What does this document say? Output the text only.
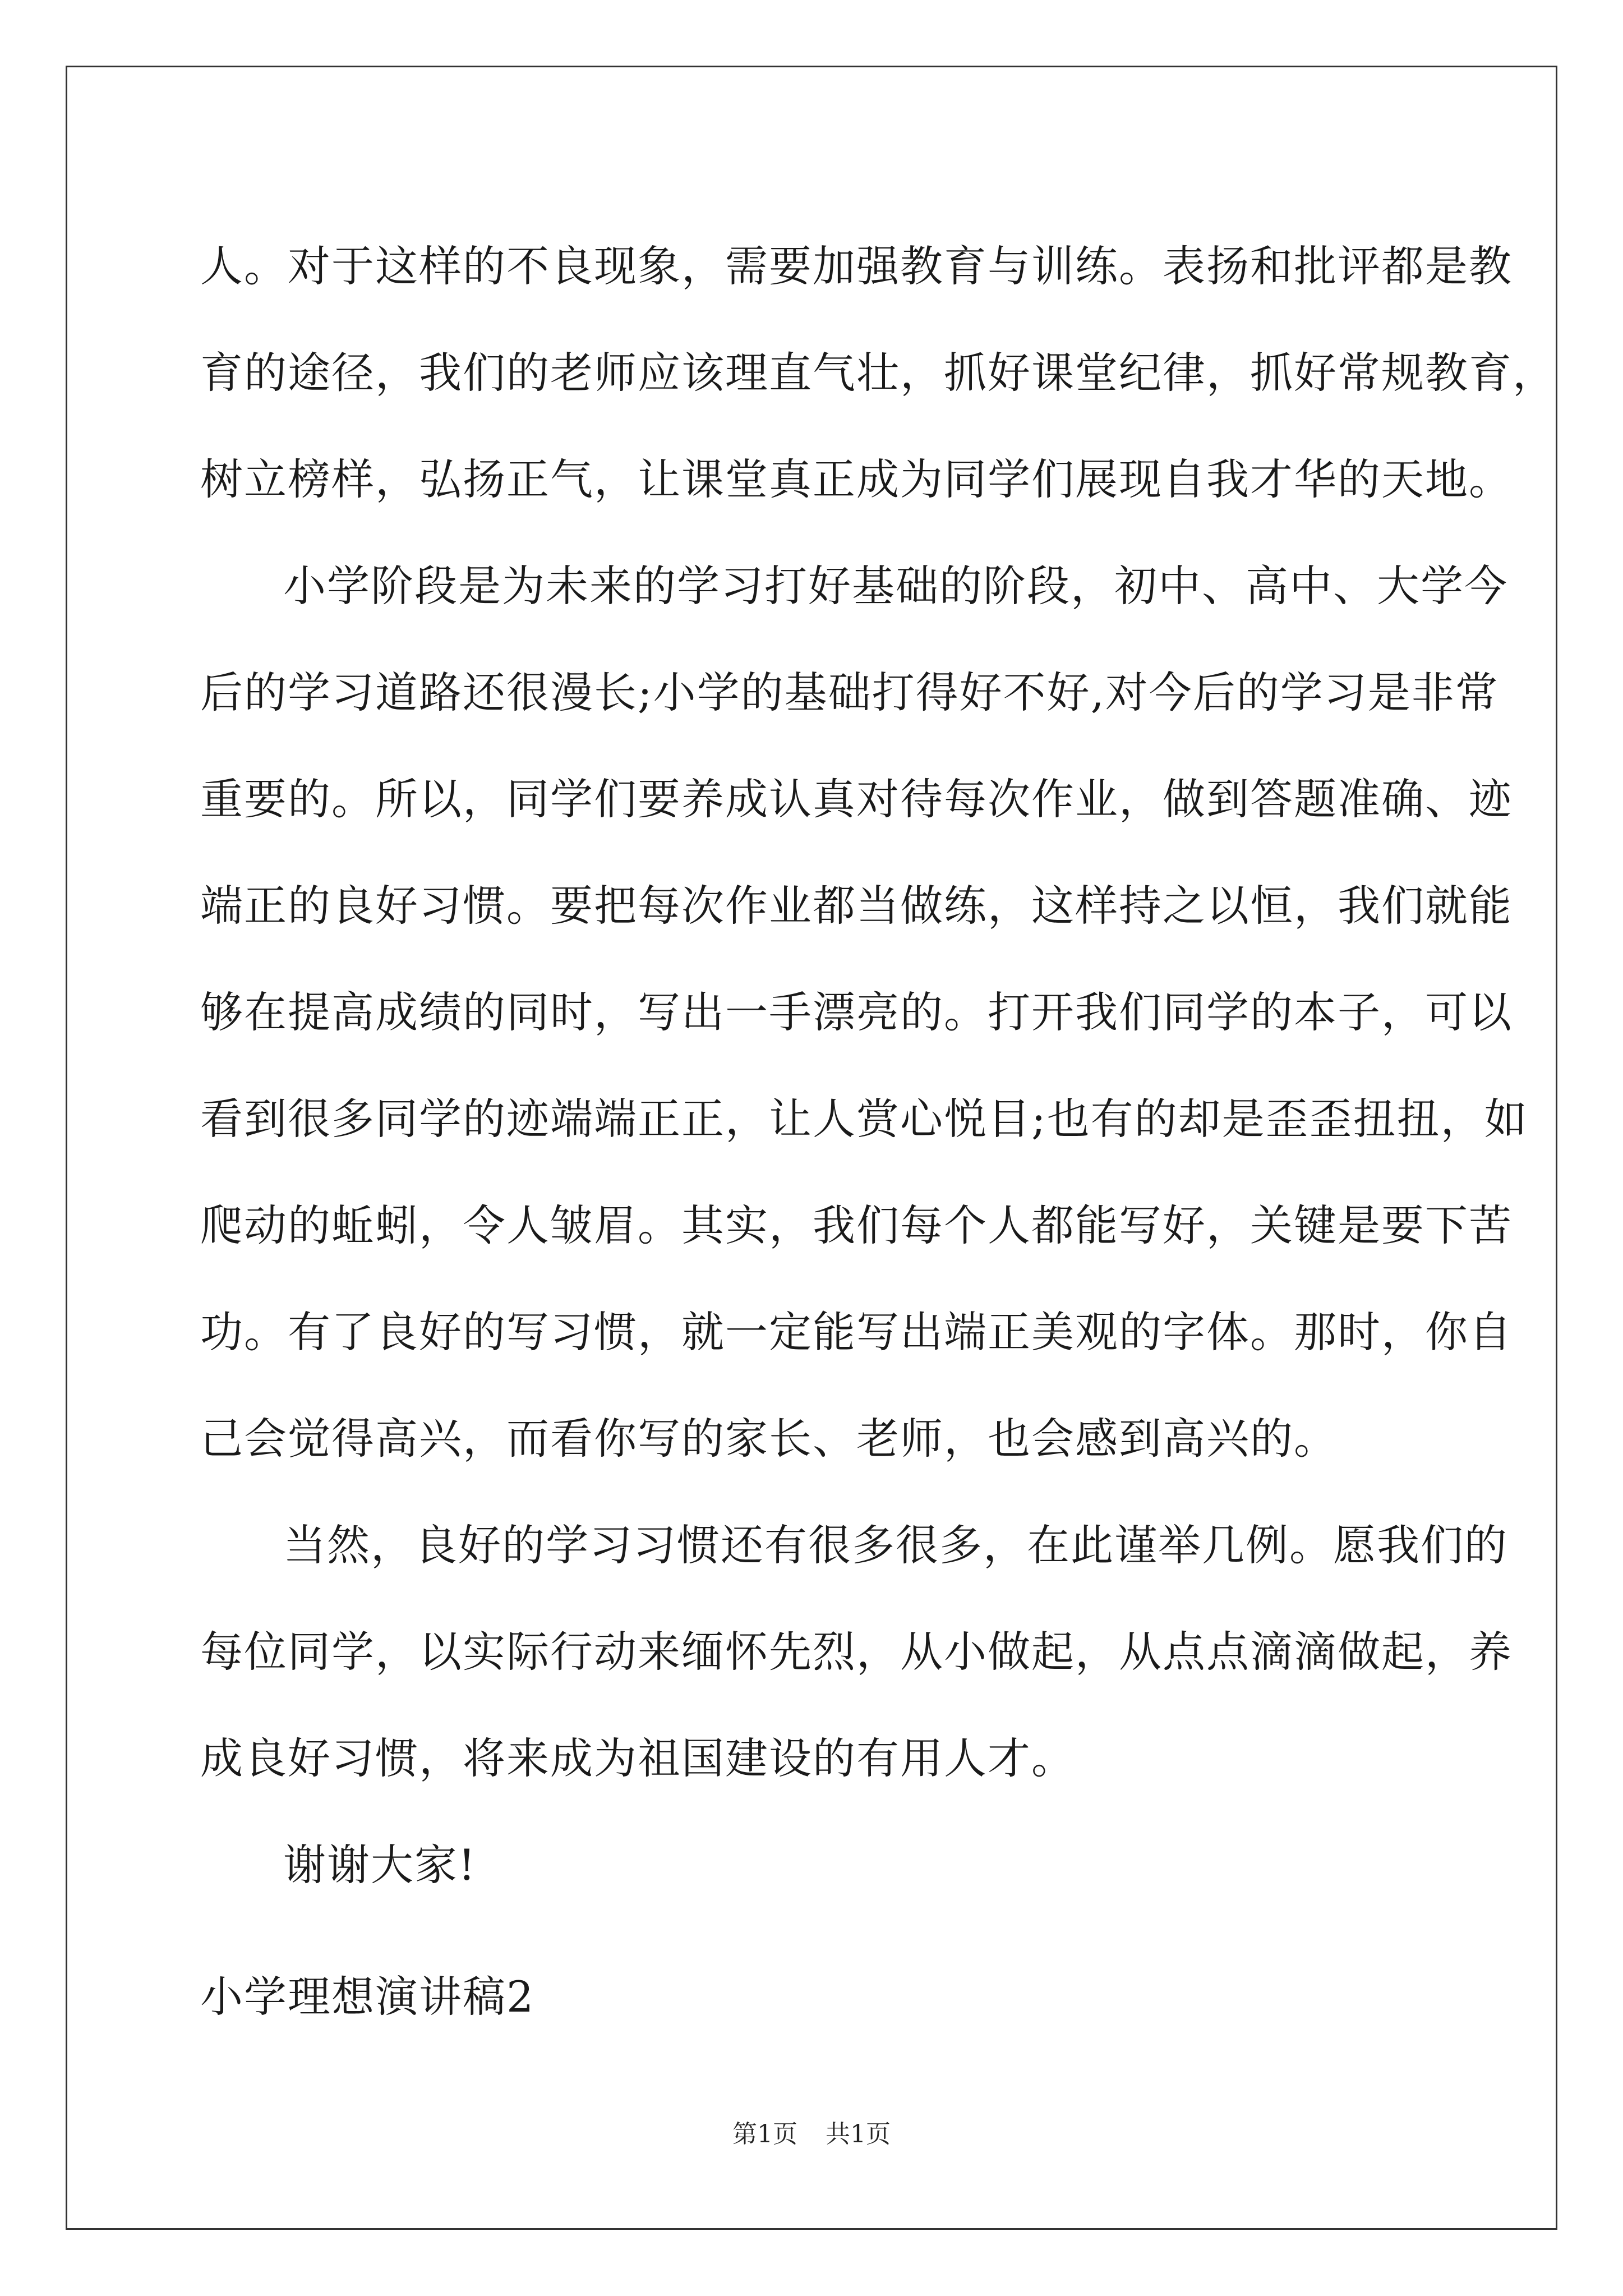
人。对于这样的不良现象，需要加强教育与训练。表扬和批评都是教
育的途径，我们的老师应该理直气壮，抓好课堂纪律，抓好常规教育，
树立榜样，弘扬正气，让课堂真正成为同学们展现自我才华的天地。
小学阶段是为未来的学习打好基础的阶段，初中、高中、大学今
后的学习道路还很漫长;小学的基础打得好不好,对今后的学习是非常
重要的。所以，同学们要养成认真对待每次作业，做到答题准确、迹
端正的良好习惯。要把每次作业都当做练，这样持之以恒，我们就能
够在提高成绩的同时，写出一手漂亮的。打开我们同学的本子，可以
看到很多同学的迹端端正正，让人赏心悦目;也有的却是歪歪扭扭，如
爬动的蚯蚓，令人皱眉。其实，我们每个人都能写好，关键是要下苦
功。有了良好的写习惯，就一定能写出端正美观的字体。那时，你自
己会觉得高兴，而看你写的家长、老师，也会感到高兴的。
当然，良好的学习习惯还有很多很多，在此谨举几例。愿我们的
每位同学，以实际行动来缅怀先烈，从小做起，从点点滴滴做起，养
成良好习惯，将来成为祖国建设的有用人才。
谢谢大家!
小学理想演讲稿2
第1页 共1页
